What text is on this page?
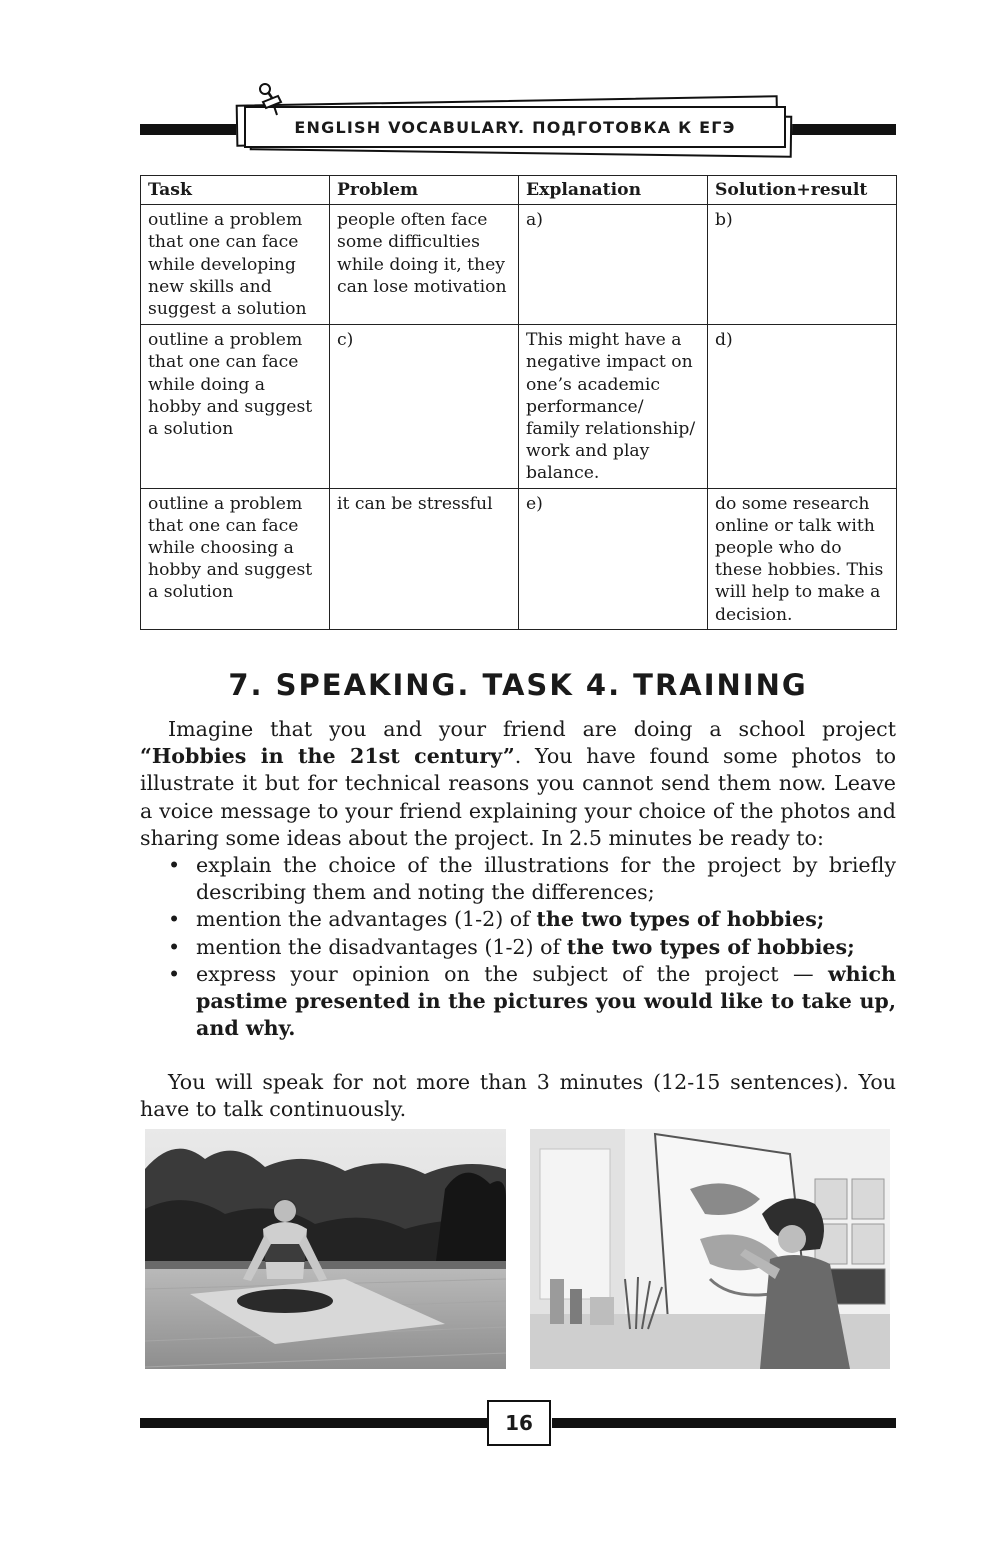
ENGLISH VOCABULARY. ПОДГОТОВКА К ЕГЭ
Task	Problem	Explanation	Solution+result
outline a problem that one can face while developing new skills and suggest a solution	people often face some difficulties while doing it, they can lose motivation	a)	b)
outline a problem that one can face while doing a hobby and suggest a solution	c)	This might have a negative impact on one’s academic performance/ family relationship/ work and play balance.	d)
outline a problem that one can face while choosing a hobby and suggest a solution	it can be stressful	e)	do some research online or talk with people who do these hobbies. This will help to make a decision.
7. SPEAKING. TASK 4. TRAINING

Imagine that you and your friend are doing a school project “Hobbies in the 21st century”. You have found some photos to illustrate it but for technical reasons you cannot send them now. Leave a voice message to your friend explaining your choice of the photos and sharing some ideas about the project. In 2.5 minutes be ready to:

• explain the choice of the illustrations for the project by briefly describing them and noting the differences;
• mention the advantages (1-2) of the two types of hobbies;
• mention the disadvantages (1-2) of the two types of hobbies;
• express your opinion on the subject of the project — which pastime presented in the pictures you would like to take up, and why.

You will speak for not more than 3 minutes (12-15 sentences). You have to talk continuously.

16
